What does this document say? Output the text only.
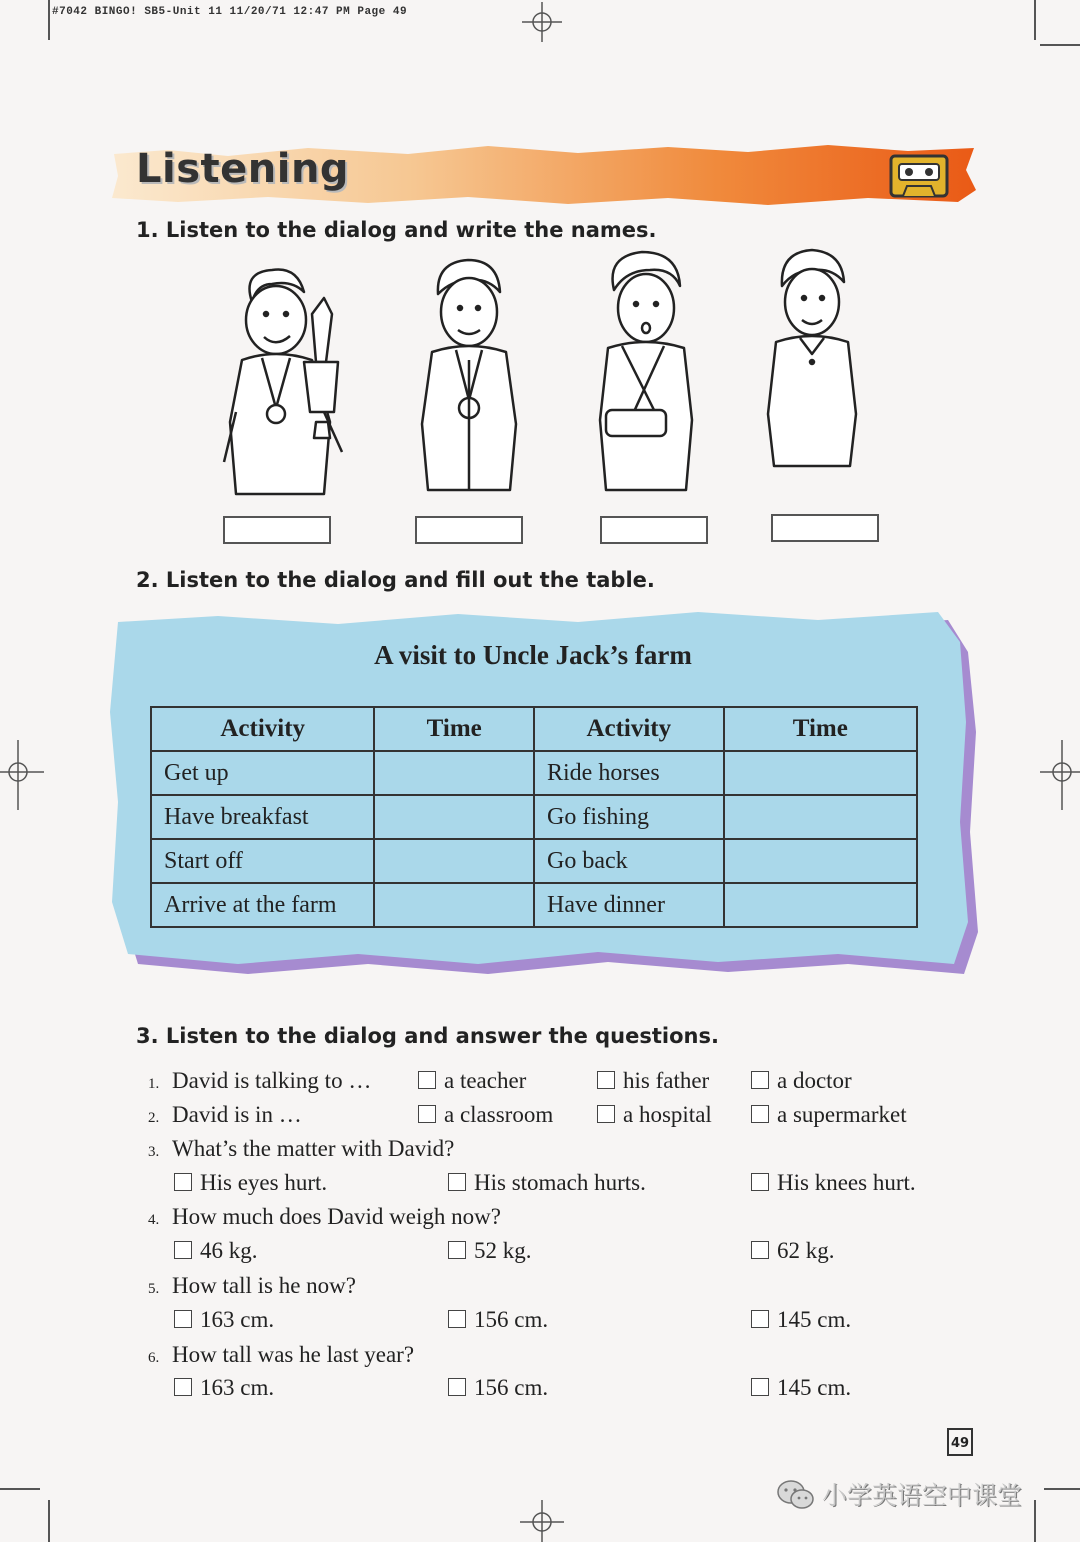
#7042 BINGO! SB5-Unit 11 11/20/71 12:47 PM Page 49
Listening
1. Listen to the dialog and write the names.
2. Listen to the dialog and fill out the table.
A visit to Uncle Jack’s farm
Activity	Time	Activity	Time
Get up		Ride horses	
Have breakfast		Go fishing	
Start off		Go back	
Arrive at the farm		Have dinner	
3. Listen to the dialog and answer the questions.
1. David is talking to …	a teacher	his father	a doctor
2. David is in …	a classroom	a hospital	a supermarket
3. What’s the matter with David?
His eyes hurt.	His stomach hurts.	His knees hurt.
4. How much does David weigh now?
46 kg.	52 kg.	62 kg.
5. How tall is he now?
163 cm.	156 cm.	145 cm.
6. How tall was he last year?
163 cm.	156 cm.	145 cm.
49
小学英语空中课堂
